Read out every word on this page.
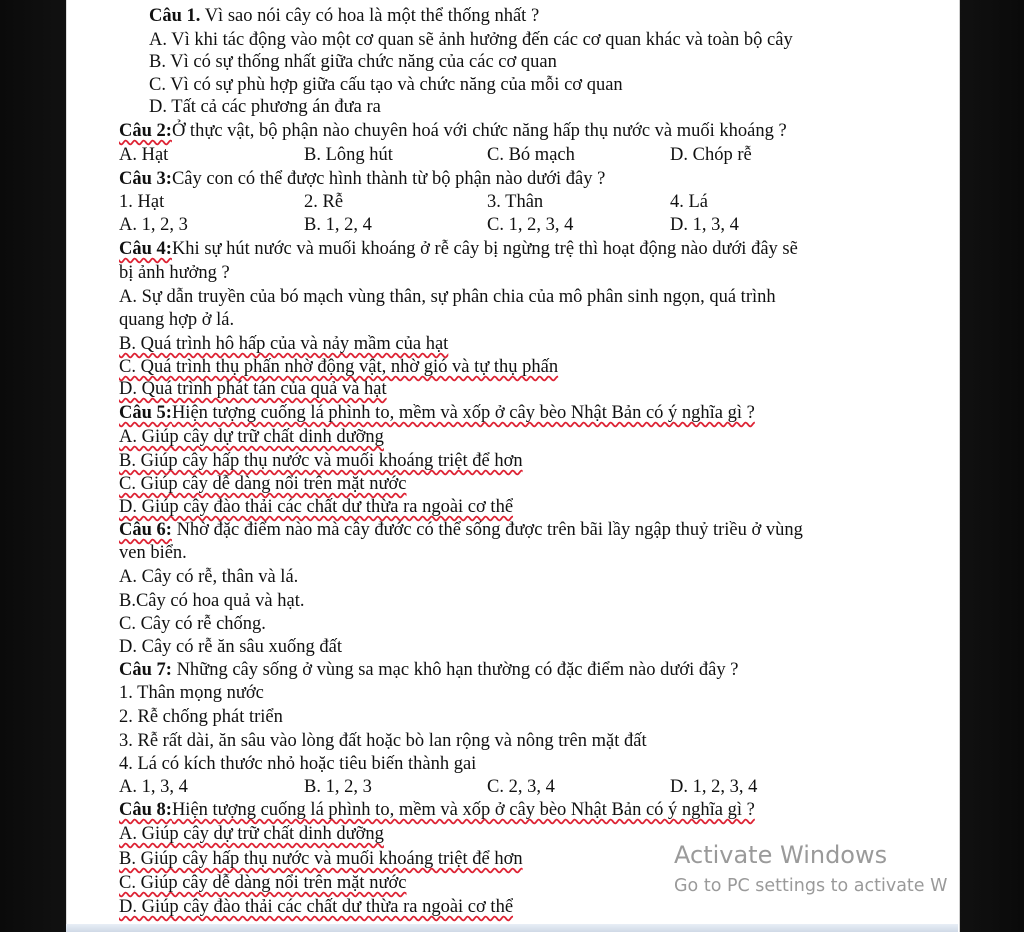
Câu 1. Vì sao nói cây có hoa là một thể thống nhất ?
A. Vì khi tác động vào một cơ quan sẽ ảnh hưởng đến các cơ quan khác và toàn bộ cây
B. Vì có sự thống nhất giữa chức năng của các cơ quan
C. Vì có sự phù hợp giữa cấu tạo và chức năng của mỗi cơ quan
D. Tất cả các phương án đưa ra
Câu 2:Ở thực vật, bộ phận nào chuyên hoá với chức năng hấp thụ nước và muối khoáng ?
A. Hạt	B. Lông hút	C. Bó mạch	D. Chóp rễ
Câu 3:Cây con có thể được hình thành từ bộ phận nào dưới đây ?
1. Hạt	2. Rễ	3. Thân	4. Lá
A. 1, 2, 3	B. 1, 2, 4	C. 1, 2, 3, 4	D. 1, 3, 4
Câu 4:Khi sự hút nước và muối khoáng ở rễ cây bị ngừng trệ thì hoạt động nào dưới đây sẽ
bị ảnh hưởng ?
A. Sự dẫn truyền của bó mạch vùng thân, sự phân chia của mô phân sinh ngọn, quá trình
quang hợp ở lá.
B. Quá trình hô hấp của và nảy mầm của hạt
C. Quá trình thụ phấn nhờ động vật, nhờ gió và tự thụ phấn
D. Quá trình phát tán của quả và hạt
Câu 5:Hiện tượng cuống lá phình to, mềm và xốp ở cây bèo Nhật Bản có ý nghĩa gì ?
A. Giúp cây dự trữ chất dinh dưỡng
B. Giúp cây hấp thụ nước và muối khoáng triệt để hơn
C. Giúp cây dễ dàng nổi trên mặt nước
D. Giúp cây đào thải các chất dư thừa ra ngoài cơ thể
Câu 6: Nhờ đặc điểm nào mà cây đước có thể sống được trên bãi lầy ngập thuỷ triều ở vùng
ven biển.
A. Cây có rễ, thân và lá.
B.Cây có hoa quả và hạt.
C. Cây có rễ chống.
D. Cây có rễ ăn sâu xuống đất
Câu 7: Những cây sống ở vùng sa mạc khô hạn thường có đặc điểm nào dưới đây ?
1. Thân mọng nước
2. Rễ chống phát triển
3. Rễ rất dài, ăn sâu vào lòng đất hoặc bò lan rộng và nông trên mặt đất
4. Lá có kích thước nhỏ hoặc tiêu biến thành gai
A. 1, 3, 4	B. 1, 2, 3	C. 2, 3, 4	D. 1, 2, 3, 4
Câu 8:Hiện tượng cuống lá phình to, mềm và xốp ở cây bèo Nhật Bản có ý nghĩa gì ?
A. Giúp cây dự trữ chất dinh dưỡng
B. Giúp cây hấp thụ nước và muối khoáng triệt để hơn
C. Giúp cây dễ dàng nổi trên mặt nước
D. Giúp cây đào thải các chất dư thừa ra ngoài cơ thể
Activate Windows
Go to PC settings to activate W
